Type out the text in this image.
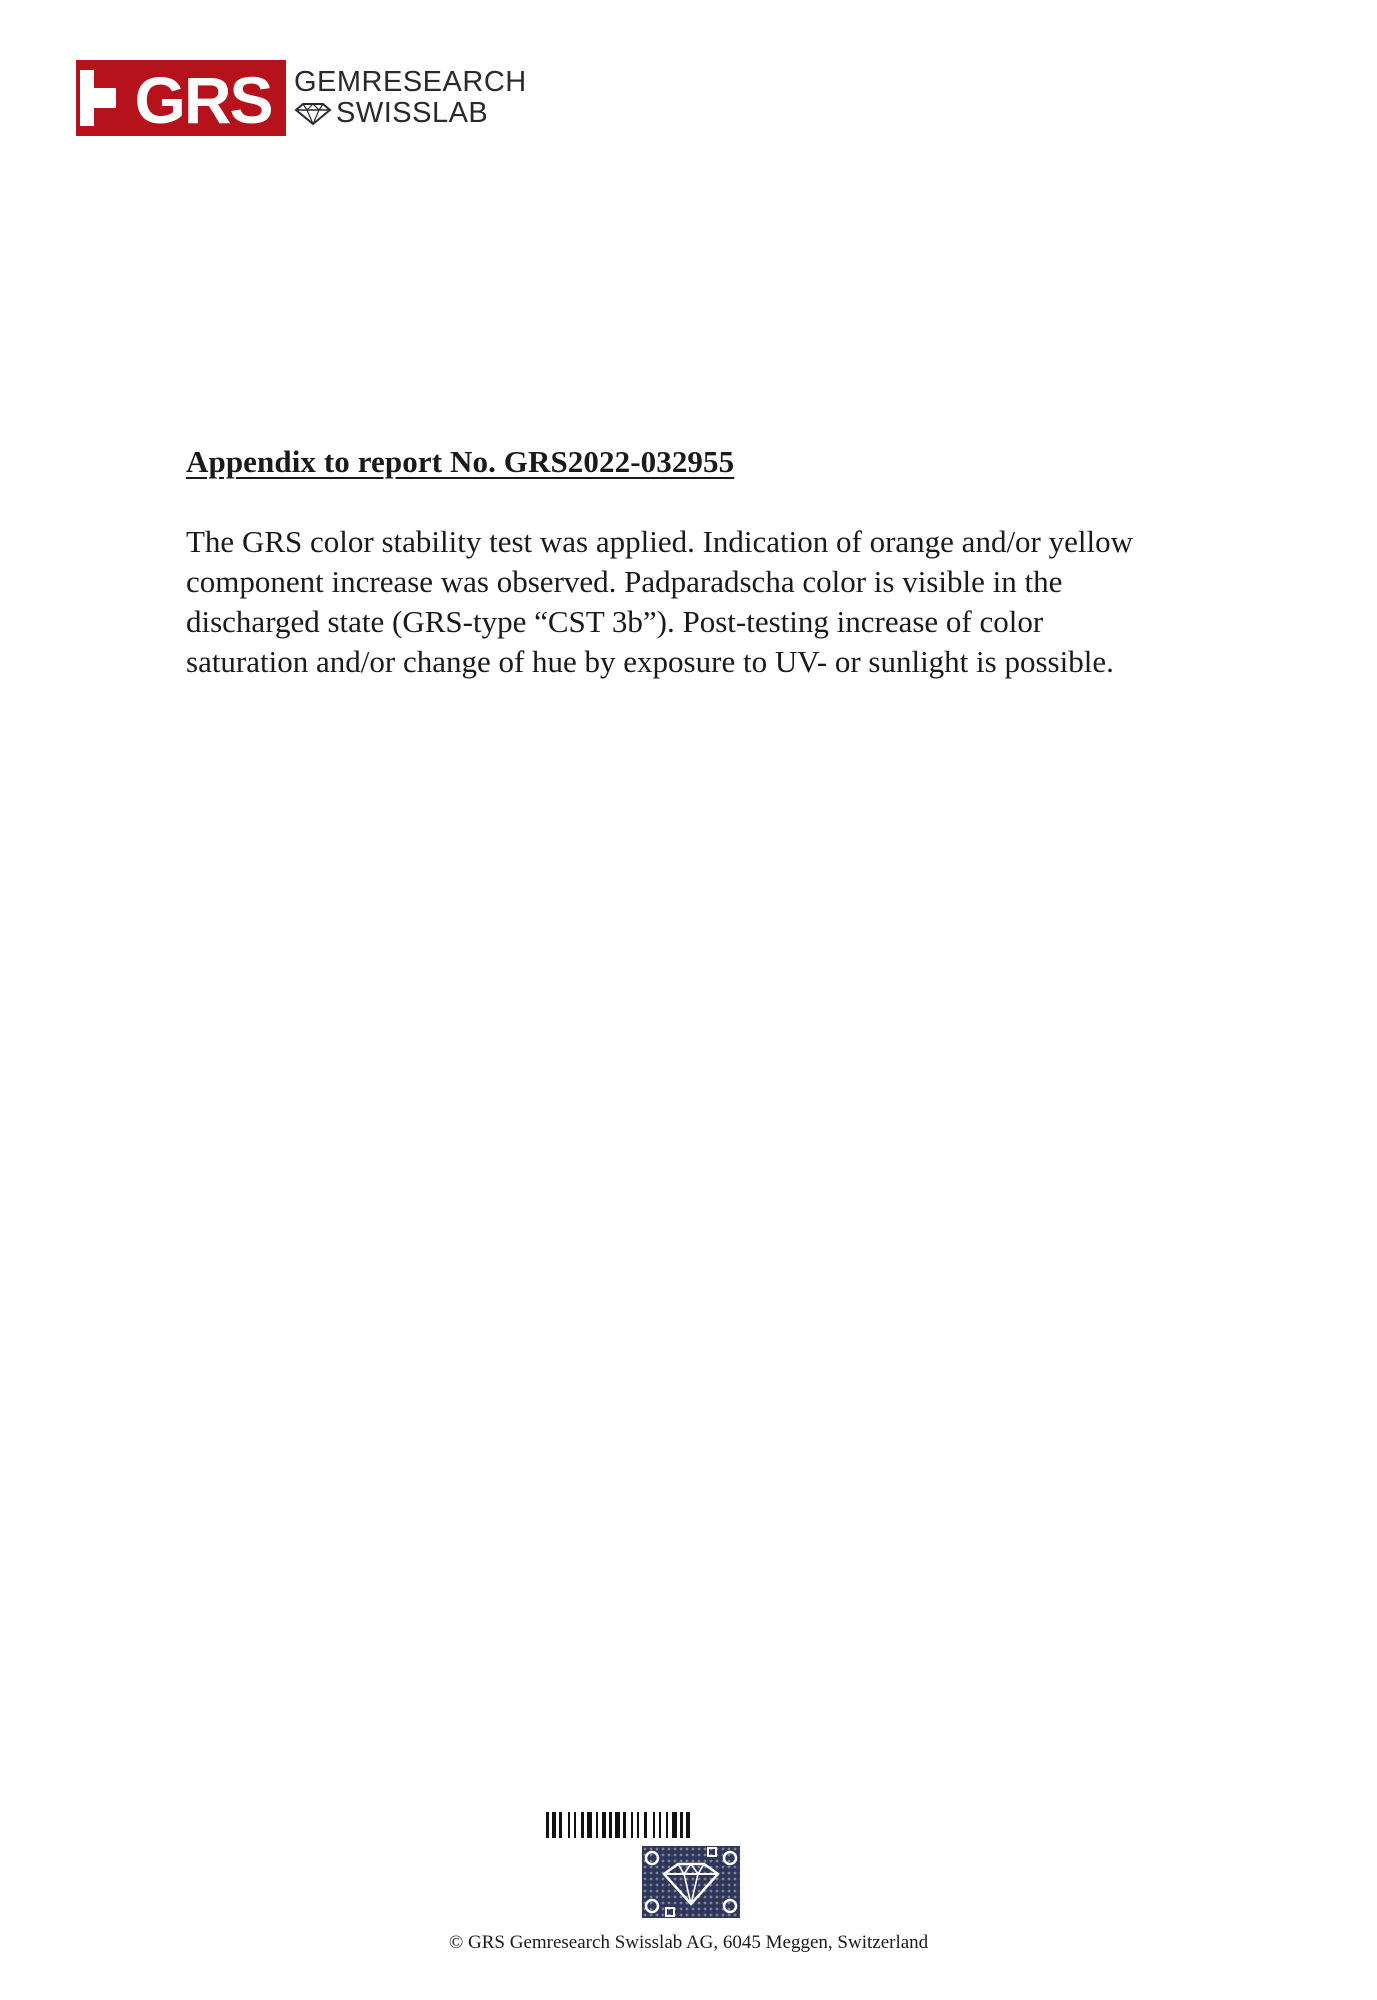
GRS GEMRESEARCH
SWISSLAB
Appendix to report No. GRS2022-032955
The GRS color stability test was applied. Indication of orange and/or yellow
component increase was observed. Padparadscha color is visible in the
discharged state (GRS-type “CST 3b”). Post-testing increase of color
saturation and/or change of hue by exposure to UV- or sunlight is possible.
© GRS Gemresearch Swisslab AG, 6045 Meggen, Switzerland
